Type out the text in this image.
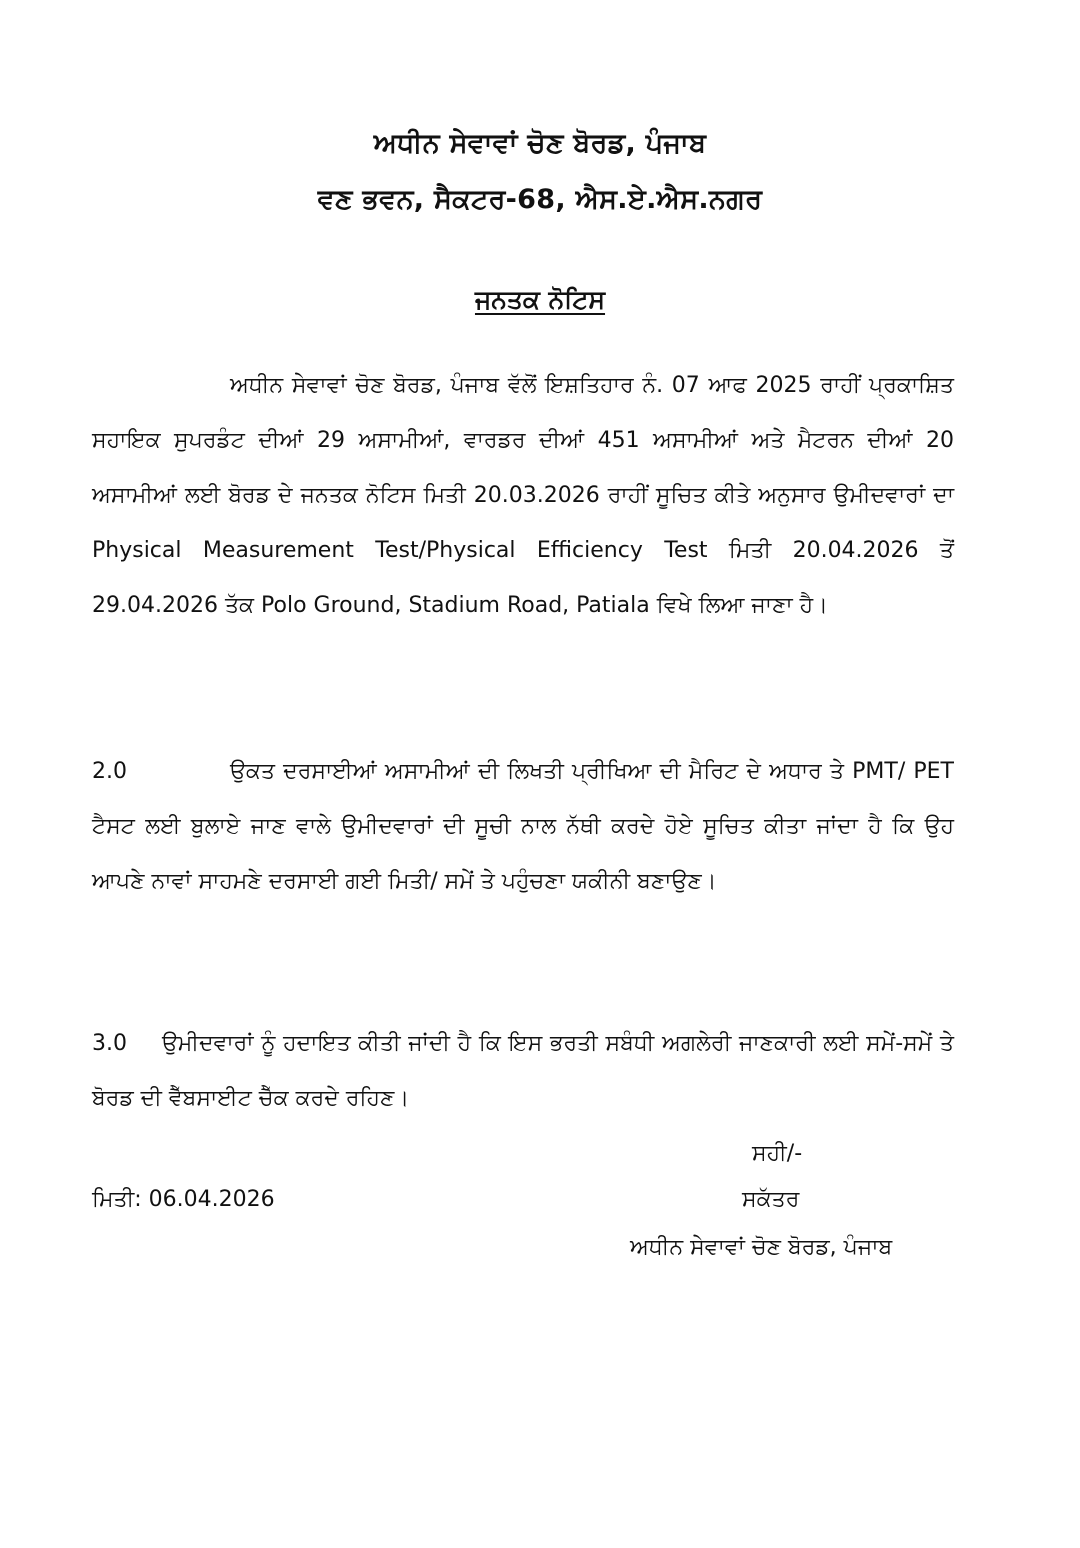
ਅਧੀਨ ਸੇਵਾਵਾਂ ਚੋਣ ਬੋਰਡ, ਪੰਜਾਬ
ਵਣ ਭਵਨ, ਸੈਕਟਰ-68, ਐਸ.ਏ.ਐਸ.ਨਗਰ
ਜਨਤਕ ਨੋਟਿਸ
ਅਧੀਨ ਸੇਵਾਵਾਂ ਚੋਣ ਬੋਰਡ, ਪੰਜਾਬ ਵੱਲੋਂ ਇਸ਼ਤਿਹਾਰ ਨੰ. 07 ਆਫ 2025 ਰਾਹੀਂ ਪ੍ਰਕਾਸ਼ਿਤ ਸਹਾਇਕ ਸੁਪਰਡੰਟ ਦੀਆਂ 29 ਅਸਾਮੀਆਂ, ਵਾਰਡਰ ਦੀਆਂ 451 ਅਸਾਮੀਆਂ ਅਤੇ ਮੈਟਰਨ ਦੀਆਂ 20 ਅਸਾਮੀਆਂ ਲਈ ਬੋਰਡ ਦੇ ਜਨਤਕ ਨੋਟਿਸ ਮਿਤੀ 20.03.2026 ਰਾਹੀਂ ਸੂਚਿਤ ਕੀਤੇ ਅਨੁਸਾਰ ਉਮੀਦਵਾਰਾਂ ਦਾ Physical Measurement Test/Physical Efficiency Test ਮਿਤੀ 20.04.2026 ਤੋਂ 29.04.2026 ਤੱਕ Polo Ground, Stadium Road, Patiala ਵਿਖੇ ਲਿਆ ਜਾਣਾ ਹੈ।
2.0	ਉਕਤ ਦਰਸਾਈਆਂ ਅਸਾਮੀਆਂ ਦੀ ਲਿਖਤੀ ਪ੍ਰੀਖਿਆ ਦੀ ਮੈਰਿਟ ਦੇ ਅਧਾਰ ਤੇ PMT/ PET ਟੈਸਟ ਲਈ ਬੁਲਾਏ ਜਾਣ ਵਾਲੇ ਉਮੀਦਵਾਰਾਂ ਦੀ ਸੂਚੀ ਨਾਲ ਨੱਥੀ ਕਰਦੇ ਹੋਏ ਸੂਚਿਤ ਕੀਤਾ ਜਾਂਦਾ ਹੈ ਕਿ ਉਹ ਆਪਣੇ ਨਾਵਾਂ ਸਾਹਮਣੇ ਦਰਸਾਈ ਗਈ ਮਿਤੀ/ ਸਮੇਂ ਤੇ ਪਹੁੰਚਣਾ ਯਕੀਨੀ ਬਣਾਉਣ।
3.0 ਉਮੀਦਵਾਰਾਂ ਨੂੰ ਹਦਾਇਤ ਕੀਤੀ ਜਾਂਦੀ ਹੈ ਕਿ ਇਸ ਭਰਤੀ ਸਬੰਧੀ ਅਗਲੇਰੀ ਜਾਣਕਾਰੀ ਲਈ ਸਮੇਂ-ਸਮੇਂ ਤੇ ਬੋਰਡ ਦੀ ਵੈੱਬਸਾਈਟ ਚੈੱਕ ਕਰਦੇ ਰਹਿਣ।
ਸਹੀ/-
ਮਿਤੀ: 06.04.2026	ਸਕੱਤਰ
ਅਧੀਨ ਸੇਵਾਵਾਂ ਚੋਣ ਬੋਰਡ, ਪੰਜਾਬ
